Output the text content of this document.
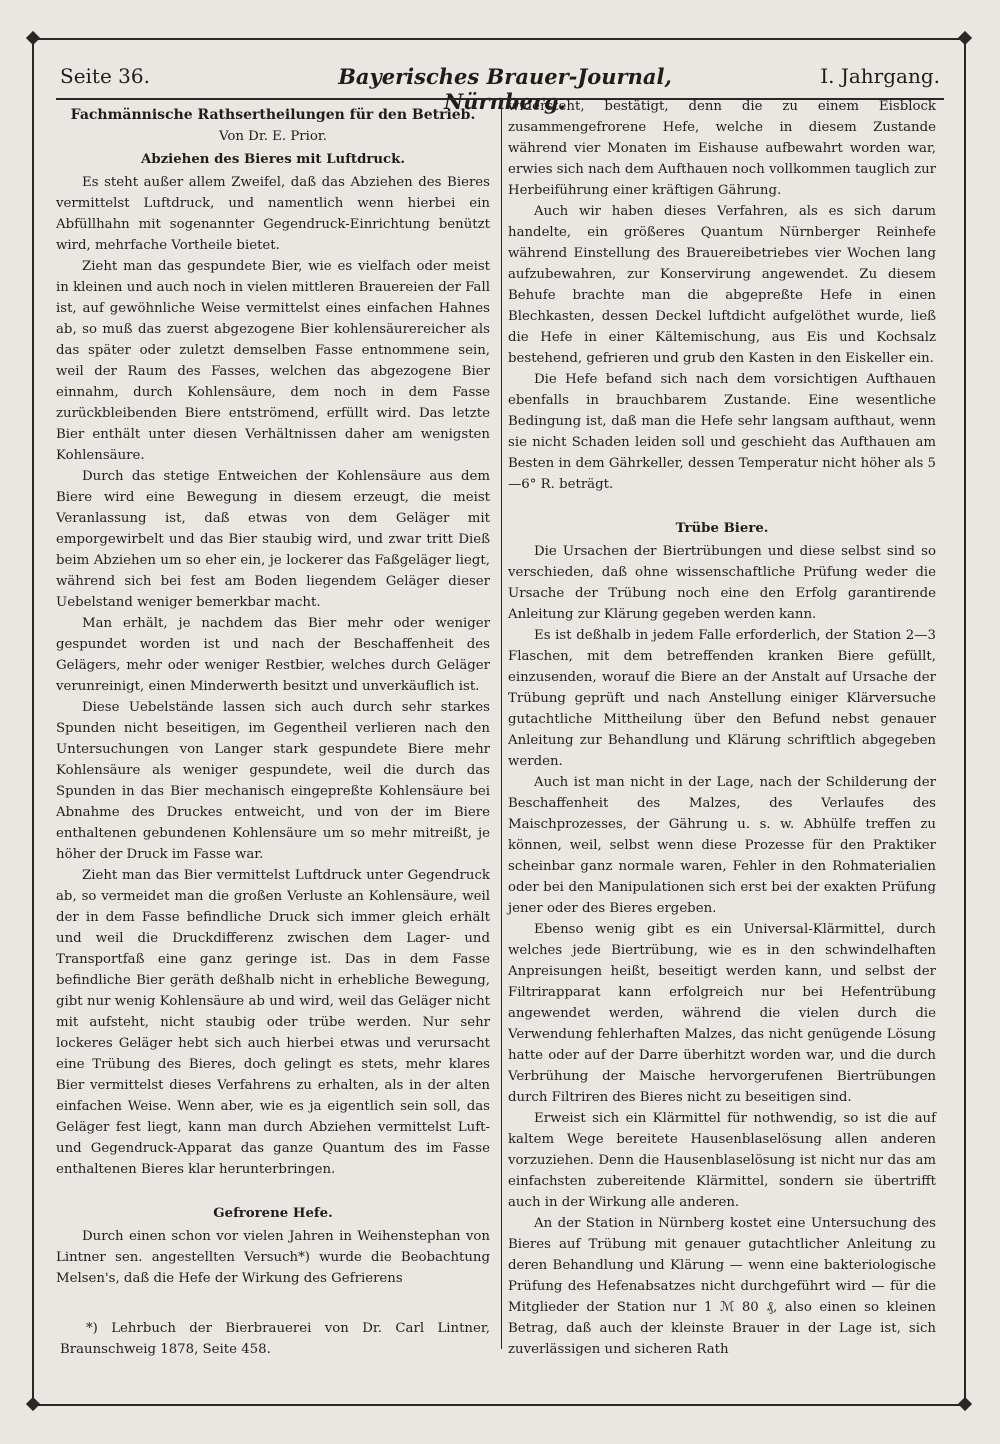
Seite 36.	Bayerisches Brauer-Journal, Nürnberg.
I. Jahrgang.
Fachmännische Rathsertheilungen für den Betrieb.
Von Dr. E. Prior.
Abziehen des Bieres mit Luftdruck.

Es steht außer allem Zweifel, daß das Abziehen des Bieres vermittelst Luftdruck, und namentlich wenn hierbei ein Abfüllhahn mit sogenannter Gegendruck-Einrichtung benützt wird, mehrfache Vortheile bietet.

Zieht man das gespundete Bier, wie es vielfach oder meist in kleinen und auch noch in vielen mittleren Brauereien der Fall ist, auf gewöhnliche Weise vermittelst eines einfachen Hahnes ab, so muß das zuerst abgezogene Bier kohlensäurereicher als das später oder zuletzt demselben Fasse entnommene sein, weil der Raum des Fasses, welchen das abgezogene Bier einnahm, durch Kohlensäure, dem noch in dem Fasse zurückbleibenden Biere entströmend, erfüllt wird. Das letzte Bier enthält unter diesen Verhältnissen daher am wenigsten Kohlensäure.

Durch das stetige Entweichen der Kohlensäure aus dem Biere wird eine Bewegung in diesem erzeugt, die meist Veranlassung ist, daß etwas von dem Geläger mit emporgewirbelt und das Bier staubig wird, und zwar tritt Dieß beim Abziehen um so eher ein, je lockerer das Faßgeläger liegt, während sich bei fest am Boden liegendem Geläger dieser Uebelstand weniger bemerkbar macht.

Man erhält, je nachdem das Bier mehr oder weniger gespundet worden ist und nach der Beschaffenheit des Gelägers, mehr oder weniger Restbier, welches durch Geläger verunreinigt, einen Minderwerth besitzt und unverkäuflich ist.

Diese Uebelstände lassen sich auch durch sehr starkes Spunden nicht beseitigen, im Gegentheil verlieren nach den Untersuchungen von Langer stark gespundete Biere mehr Kohlensäure als weniger gespundete, weil die durch das Spunden in das Bier mechanisch eingepreßte Kohlensäure bei Abnahme des Druckes entweicht, und von der im Biere enthaltenen gebundenen Kohlensäure um so mehr mitreißt, je höher der Druck im Fasse war.

Zieht man das Bier vermittelst Luftdruck unter Gegendruck ab, so vermeidet man die großen Verluste an Kohlensäure, weil der in dem Fasse befindliche Druck sich immer gleich erhält und weil die Druckdifferenz zwischen dem Lager- und Transportfaß eine ganz geringe ist. Das in dem Fasse befindliche Bier geräth deßhalb nicht in erhebliche Bewegung, gibt nur wenig Kohlensäure ab und wird, weil das Geläger nicht mit aufsteht, nicht staubig oder trübe werden. Nur sehr lockeres Geläger hebt sich auch hierbei etwas und verursacht eine Trübung des Bieres, doch gelingt es stets, mehr klares Bier vermittelst dieses Verfahrens zu erhalten, als in der alten einfachen Weise. Wenn aber, wie es ja eigentlich sein soll, das Geläger fest liegt, kann man durch Abziehen vermittelst Luft- und Gegendruck-Apparat das ganze Quantum des im Fasse enthaltenen Bieres klar herunterbringen.

Gefrorene Hefe.

Durch einen schon vor vielen Jahren in Weihenstephan von Lintner sen. angestellten Versuch*) wurde die Beobachtung Melsen's, daß die Hefe der Wirkung des Gefrierens

*) Lehrbuch der Bierbrauerei von Dr. Carl Lintner, Braunschweig 1878, Seite 458.

widersteht, bestätigt, denn die zu einem Eisblock zusammengefrorene Hefe, welche in diesem Zustande während vier Monaten im Eishause aufbewahrt worden war, erwies sich nach dem Aufthauen noch vollkommen tauglich zur Herbeiführung einer kräftigen Gährung.

Auch wir haben dieses Verfahren, als es sich darum handelte, ein größeres Quantum Nürnberger Reinhefe während Einstellung des Brauereibetriebes vier Wochen lang aufzubewahren, zur Konservirung angewendet. Zu diesem Behufe brachte man die abgepreßte Hefe in einen Blechkasten, dessen Deckel luftdicht aufgelöthet wurde, ließ die Hefe in einer Kältemischung, aus Eis und Kochsalz bestehend, gefrieren und grub den Kasten in den Eiskeller ein.

Die Hefe befand sich nach dem vorsichtigen Aufthauen ebenfalls in brauchbarem Zustande. Eine wesentliche Bedingung ist, daß man die Hefe sehr langsam aufthaut, wenn sie nicht Schaden leiden soll und geschieht das Aufthauen am Besten in dem Gährkeller, dessen Temperatur nicht höher als 5—6° R. beträgt.

Trübe Biere.

Die Ursachen der Biertrübungen und diese selbst sind so verschieden, daß ohne wissenschaftliche Prüfung weder die Ursache der Trübung noch eine den Erfolg garantirende Anleitung zur Klärung gegeben werden kann.

Es ist deßhalb in jedem Falle erforderlich, der Station 2—3 Flaschen, mit dem betreffenden kranken Biere gefüllt, einzusenden, worauf die Biere an der Anstalt auf Ursache der Trübung geprüft und nach Anstellung einiger Klärversuche gutachtliche Mittheilung über den Befund nebst genauer Anleitung zur Behandlung und Klärung schriftlich abgegeben werden.

Auch ist man nicht in der Lage, nach der Schilderung der Beschaffenheit des Malzes, des Verlaufes des Maischprozesses, der Gährung u. s. w. Abhülfe treffen zu können, weil, selbst wenn diese Prozesse für den Praktiker scheinbar ganz normale waren, Fehler in den Rohmaterialien oder bei den Manipulationen sich erst bei der exakten Prüfung jener oder des Bieres ergeben.

Ebenso wenig gibt es ein Universal-Klärmittel, durch welches jede Biertrübung, wie es in den schwindelhaften Anpreisungen heißt, beseitigt werden kann, und selbst der Filtrirapparat kann erfolgreich nur bei Hefentrübung angewendet werden, während die vielen durch die Verwendung fehlerhaften Malzes, das nicht genügende Lösung hatte oder auf der Darre überhitzt worden war, und die durch Verbrühung der Maische hervorgerufenen Biertrübungen durch Filtriren des Bieres nicht zu beseitigen sind.

Erweist sich ein Klärmittel für nothwendig, so ist die auf kaltem Wege bereitete Hausenblaselösung allen anderen vorzuziehen. Denn die Hausenblaselösung ist nicht nur das am einfachsten zubereitende Klärmittel, sondern sie übertrifft auch in der Wirkung alle anderen.

An der Station in Nürnberg kostet eine Untersuchung des Bieres auf Trübung mit genauer gutachtlicher Anleitung zu deren Behandlung und Klärung — wenn eine bakteriologische Prüfung des Hefenabsatzes nicht durchgeführt wird — für die Mitglieder der Station nur 1 ℳ 80 ₰, also einen so kleinen Betrag, daß auch der kleinste Brauer in der Lage ist, sich zuverlässigen und sicheren Rath
